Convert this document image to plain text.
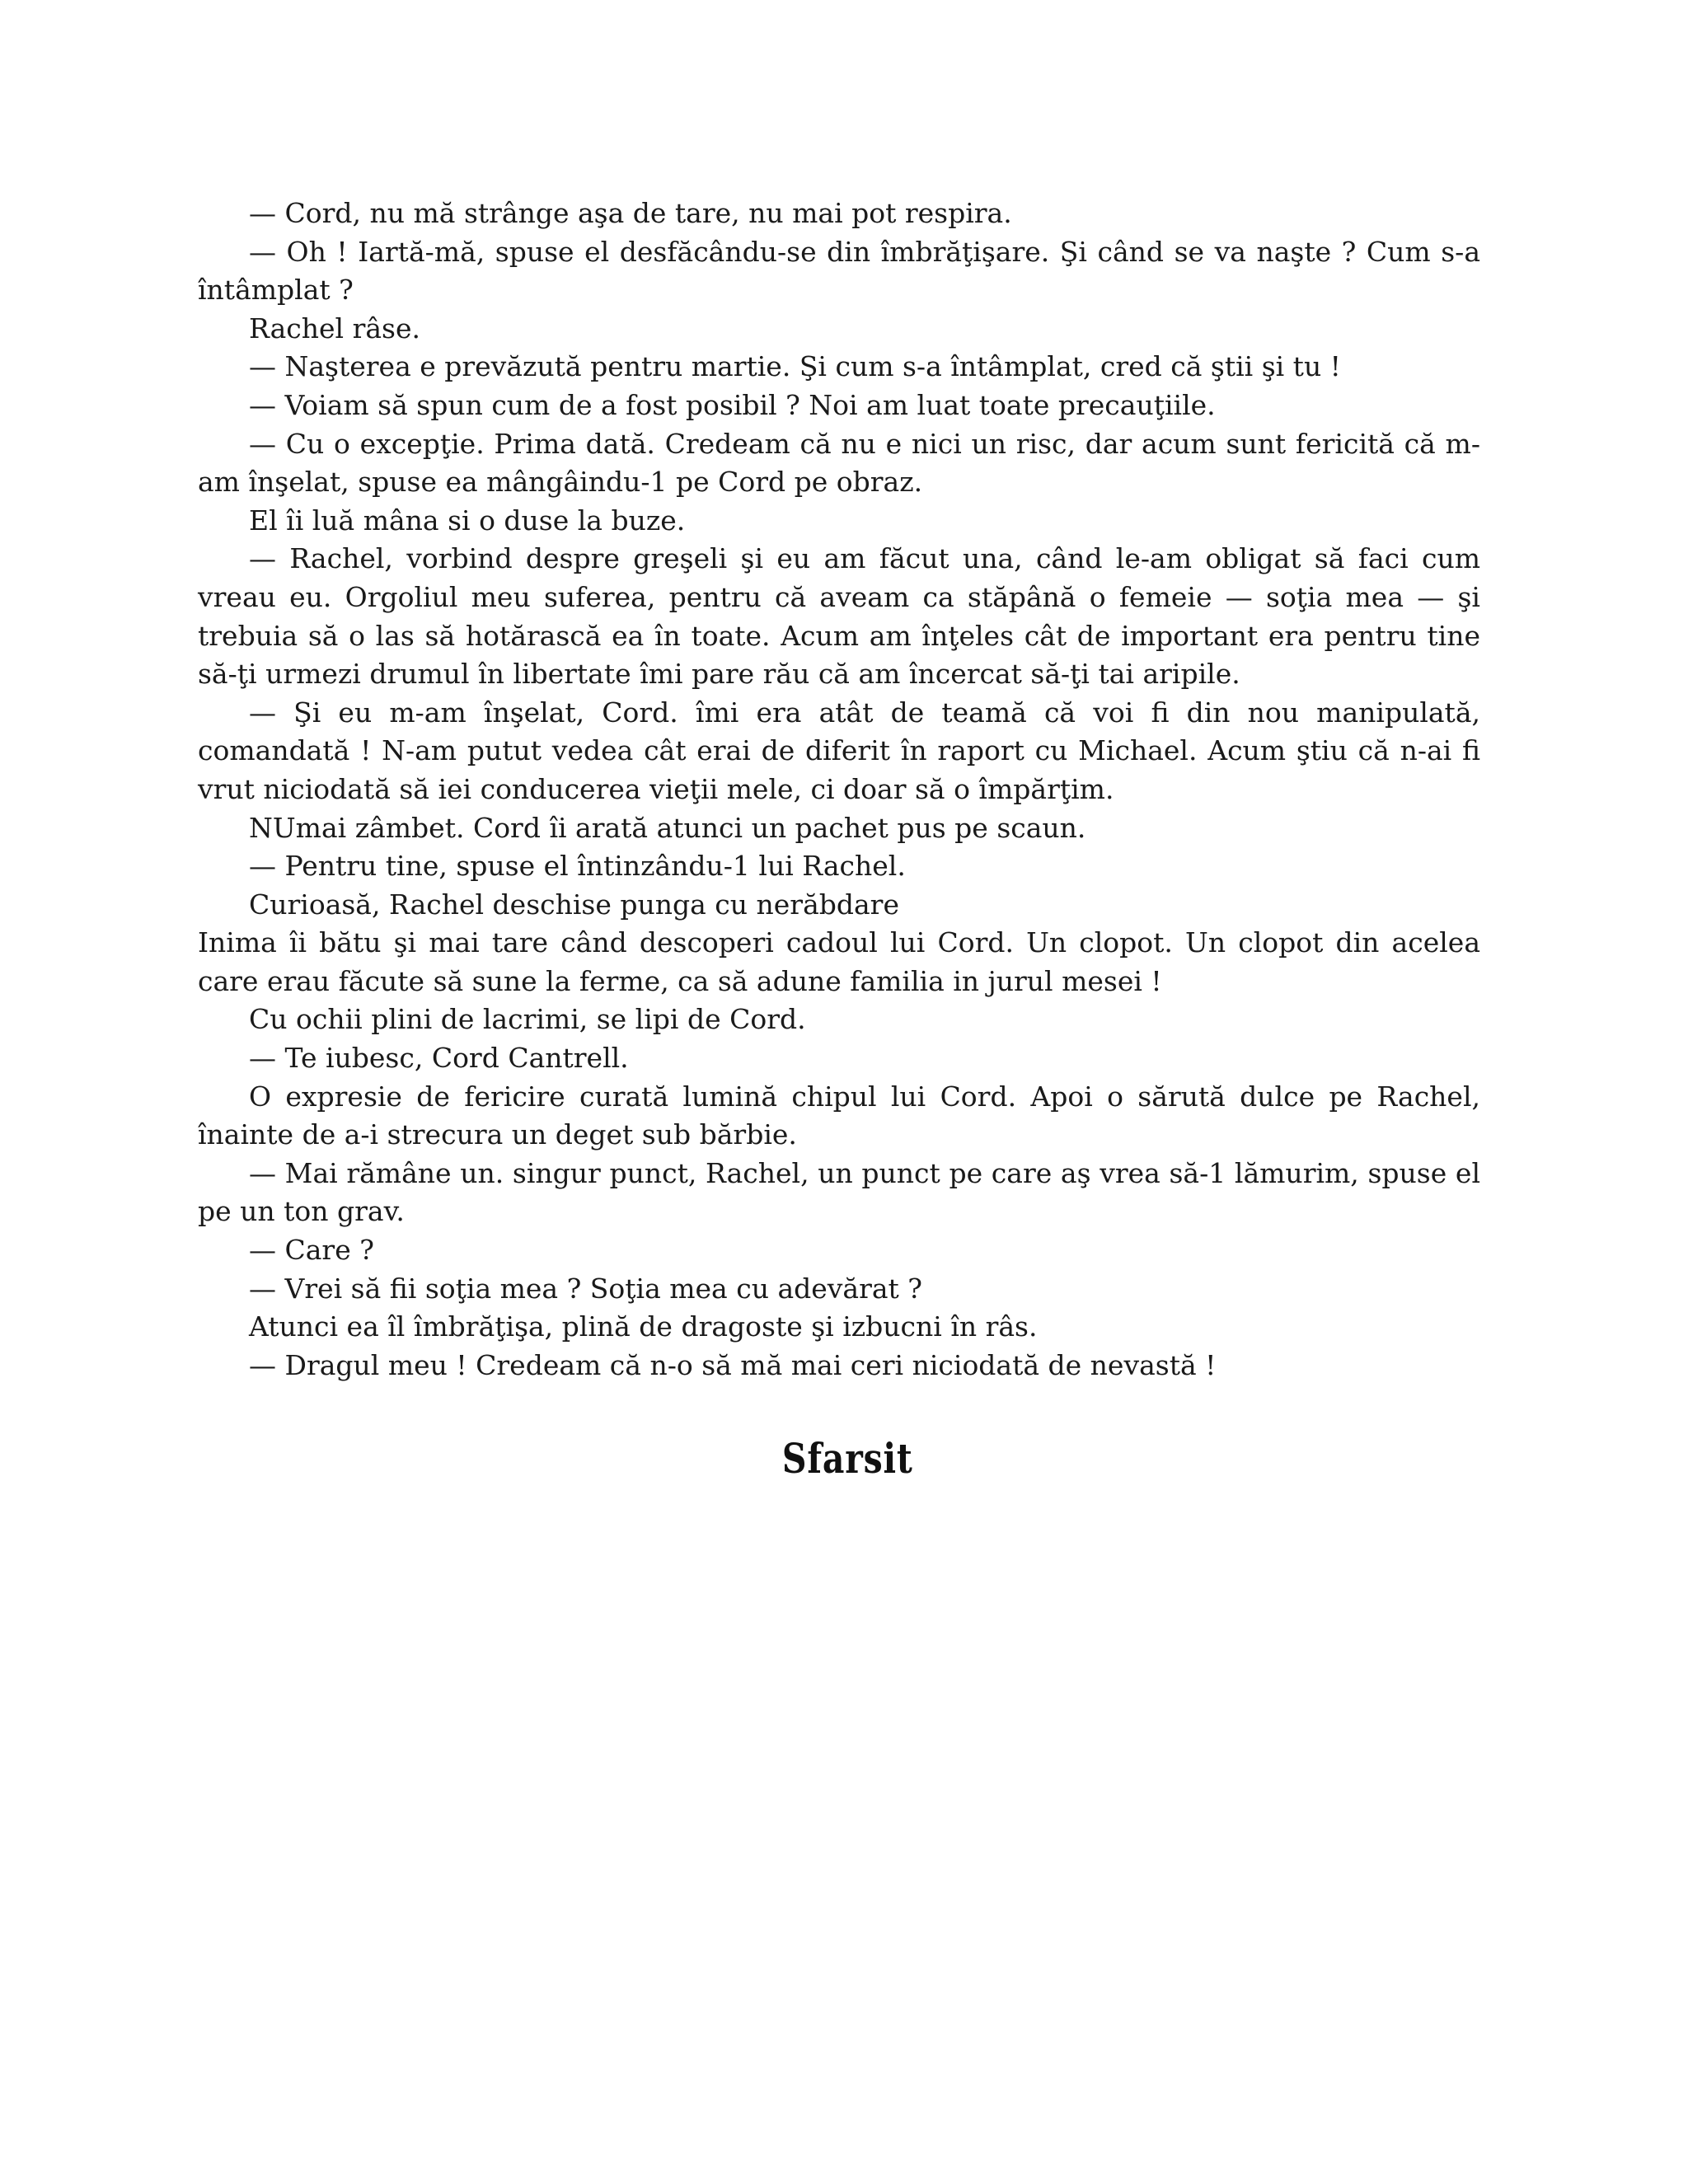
— Cord, nu mă strânge aşa de tare, nu mai pot respira.

— Oh ! Iartă-mă, spuse el desfăcându-se din îmbrăţişare. Şi când se va naşte ? Cum s-a întâmplat ?

Rachel râse.

— Naşterea e prevăzută pentru martie. Şi cum s-a întâmplat, cred că ştii şi tu !

— Voiam să spun cum de a fost posibil ? Noi am luat toate precauţiile.

— Cu o excepţie. Prima dată. Credeam că nu e nici un risc, dar acum sunt fericită că m-am înşelat, spuse ea mângâindu-1 pe Cord pe obraz.

El îi luă mâna si o duse la buze.

— Rachel, vorbind despre greşeli şi eu am făcut una, când le-am obligat să faci cum vreau eu. Orgoliul meu suferea, pentru că aveam ca stăpână o femeie — soţia mea — şi trebuia să o las să hotărască ea în toate. Acum am înţeles cât de important era pentru tine să-ţi urmezi drumul în libertate îmi pare rău că am încercat să-ţi tai aripile.

— Şi eu m-am înşelat, Cord. îmi era atât de teamă că voi fi din nou manipulată, comandată ! N-am putut vedea cât erai de diferit în raport cu Michael. Acum ştiu că n-ai fi vrut niciodată să iei conducerea vieţii mele, ci doar să o împărţim.

NUmai zâmbet. Cord îi arată atunci un pachet pus pe scaun.

— Pentru tine, spuse el întinzându-1 lui Rachel.

Curioasă, Rachel deschise punga cu nerăbdare

Inima îi bătu şi mai tare când descoperi cadoul lui Cord. Un clopot. Un clopot din acelea care erau făcute să sune la ferme, ca să adune familia in jurul mesei !

Cu ochii plini de lacrimi, se lipi de Cord.

— Te iubesc, Cord Cantrell.

O expresie de fericire curată lumină chipul lui Cord. Apoi o sărută dulce pe Rachel, înainte de a-i strecura un deget sub bărbie.

— Mai rămâne un. singur punct, Rachel, un punct pe care aş vrea să-1 lămurim, spuse el pe un ton grav.

— Care ?

— Vrei să fii soţia mea ? Soţia mea cu adevărat ?

Atunci ea îl îmbrăţişa, plină de dragoste şi izbucni în râs.

— Dragul meu ! Credeam că n-o să mă mai ceri niciodată de nevastă !

Sfarsit
